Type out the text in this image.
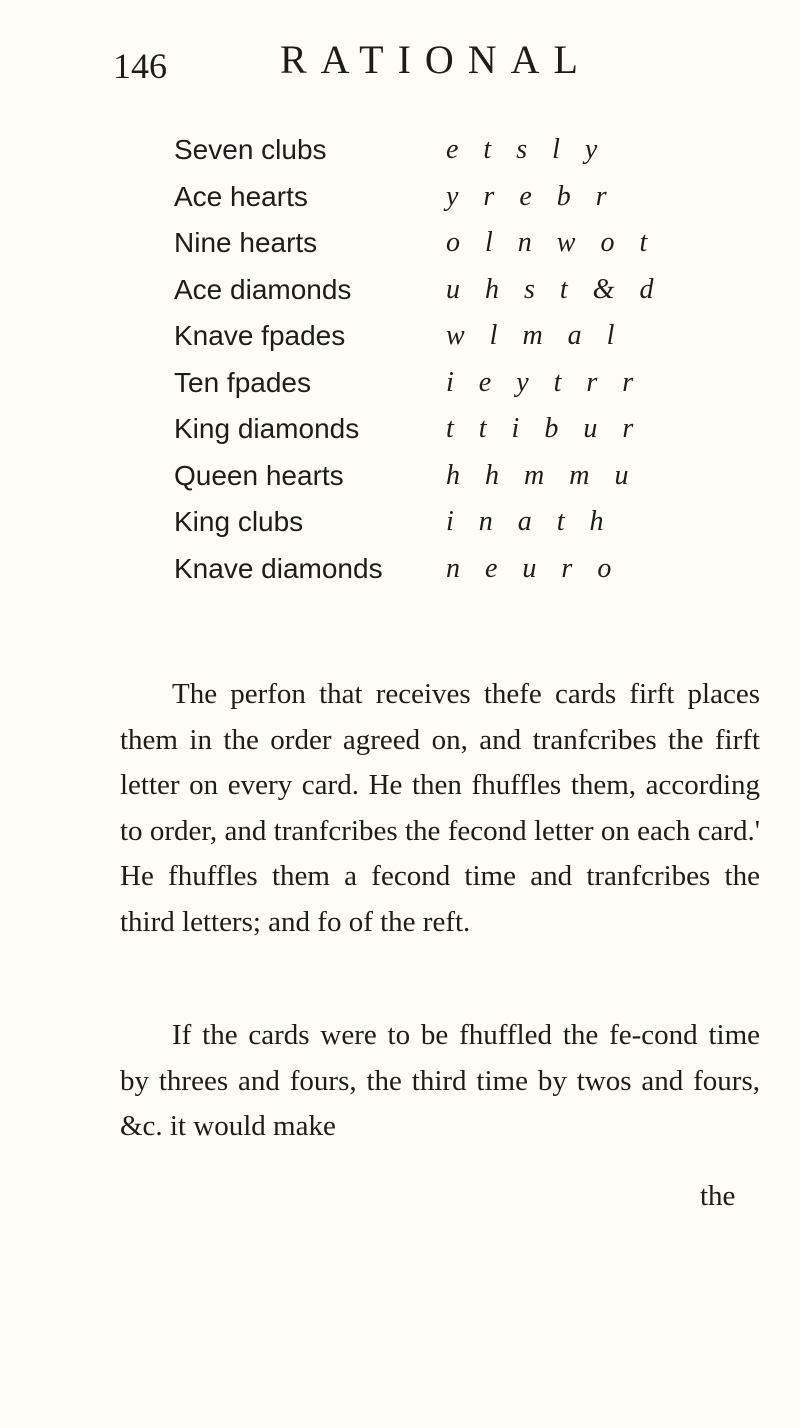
146	RATIONAL
Seven clubs	e t s l y
Ace hearts	y r e b r
Nine hearts	o l n w o t
Ace diamonds	u h s t & d
Knave fpades	w l m a l
Ten fpades	i e y t r r
King diamonds	t t i b u r
Queen hearts	h h m m u
King clubs	i n a t h
Knave diamonds n e u r o

The perfon that receives thefe cards firft places them in the order agreed on, and tranfcribes the firft letter on every card. He then fhuffles them, according to order, and tranfcribes the fecond letter on each card.' He fhuffles them a fecond time and tranfcribes the third letters; and fo of the reft.

If the cards were to be fhuffled the fe-cond time by threes and fours, the third time by twos and fours, &c. it would make

the
